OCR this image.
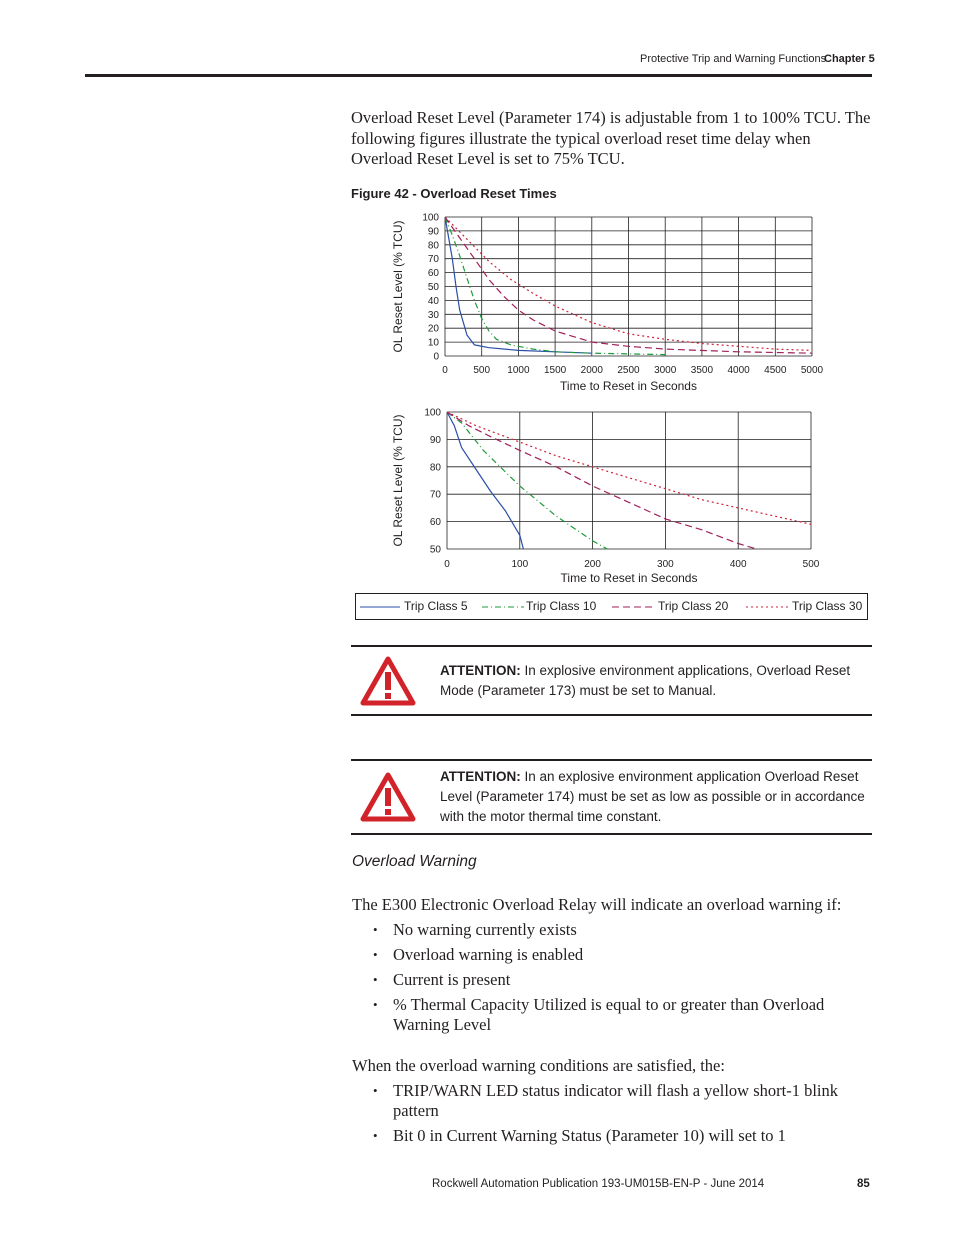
Protective Trip and Warning Functions
Chapter 5
Overload Reset Level (Parameter 174) is adjustable from 1 to 100% TCU. The following figures illustrate the typical overload reset time delay when Overload Reset Level is set to 75% TCU.
Figure 42 - Overload Reset Times
0
10
20
30
40
50
60
70
80
90
100
0	500 1000 1500 2000 2500 3000 3500 4000 4500 5000
Time to Reset in Seconds
OL Reset Level (% TCU)
50
60
70
80
90
100
0	100	200	300	400	500
Time to Reset in Seconds
OL Reset Level (% TCU)
Trip Class 5	Trip Class 10	Trip Class 20	Trip Class 30
ATTENTION: In explosive environment applications, Overload Reset Mode (Parameter 173) must be set to Manual.
ATTENTION: In an explosive environment application Overload Reset Level (Parameter 174) must be set as low as possible or in accordance with the motor thermal time constant.
Overload Warning
The E300 Electronic Overload Relay will indicate an overload warning if:
• No warning currently exists
• Overload warning is enabled
• Current is present
• % Thermal Capacity Utilized is equal to or greater than Overload Warning Level
When the overload warning conditions are satisfied, the:
• TRIP/WARN LED status indicator will flash a yellow short-1 blink pattern
• Bit 0 in Current Warning Status (Parameter 10) will set to 1
Rockwell Automation Publication 193-UM015B-EN-P - June 2014	85
